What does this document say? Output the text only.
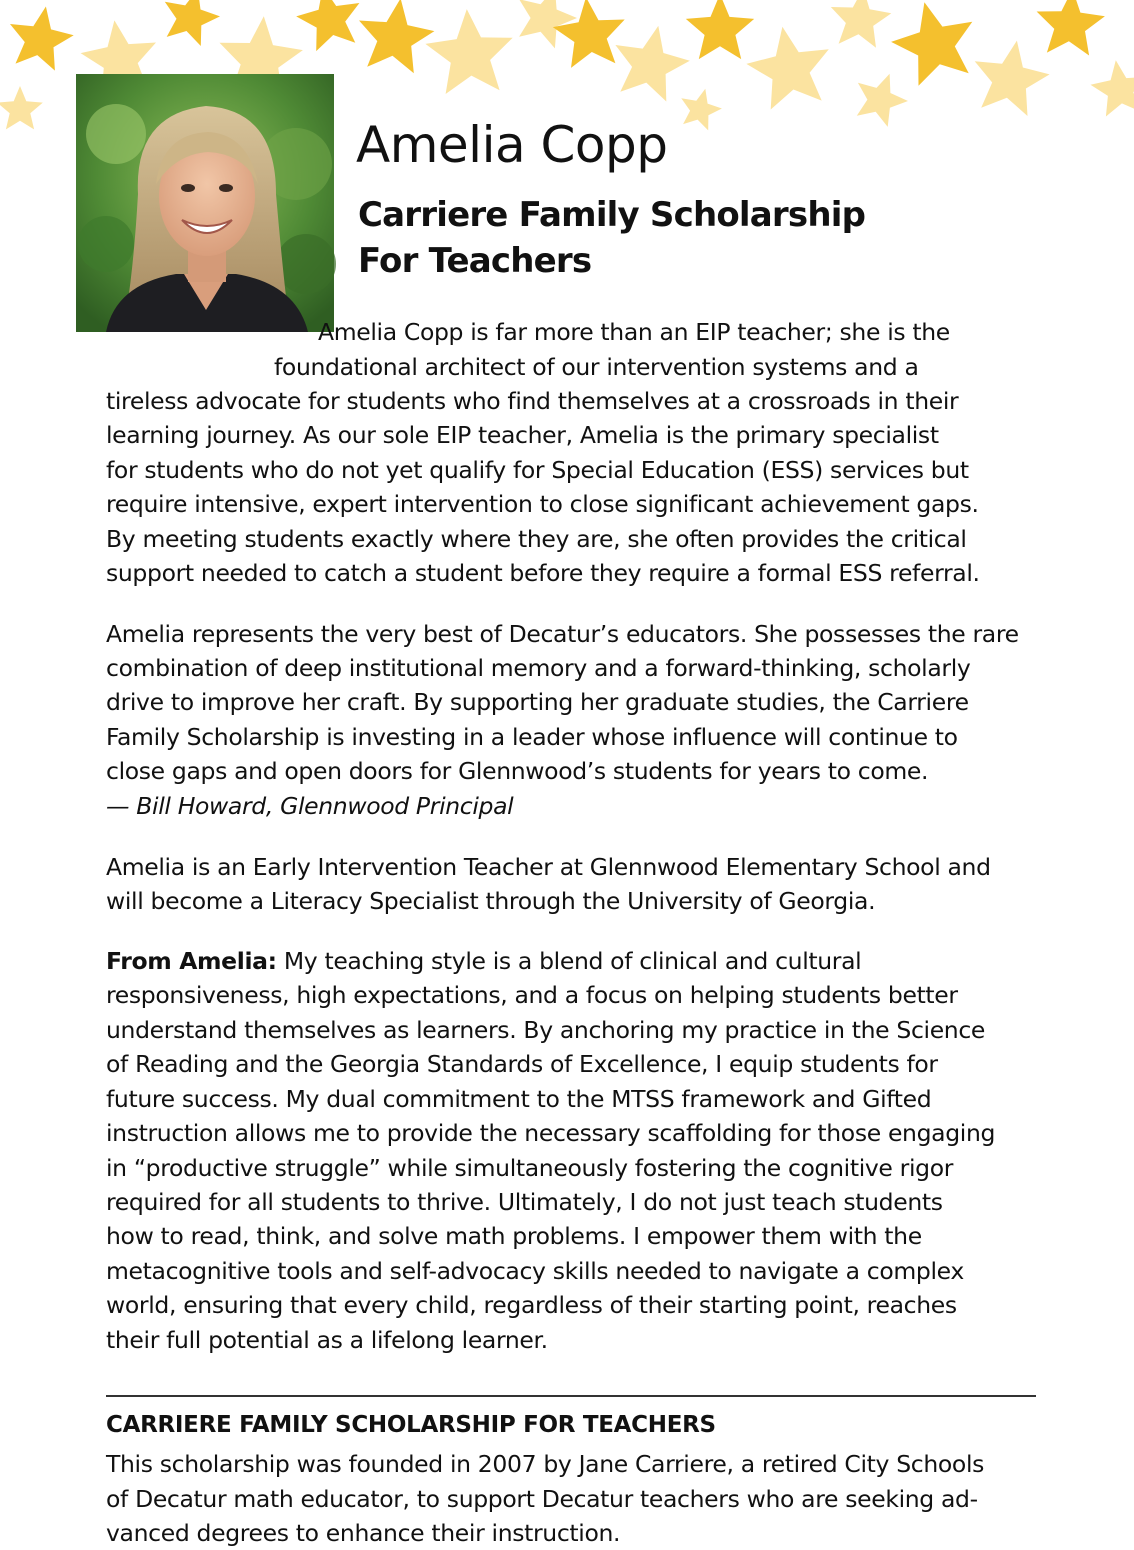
Amelia Copp
Carriere Family Scholarship
For Teachers
Amelia Copp is far more than an EIP teacher; she is the
foundational architect of our intervention systems and a
tireless advocate for students who find themselves at a crossroads in their
learning journey. As our sole EIP teacher, Amelia is the primary specialist
for students who do not yet qualify for Special Education (ESS) services but
require intensive, expert intervention to close significant achievement gaps.
By meeting students exactly where they are, she often provides the critical
support needed to catch a student before they require a formal ESS referral.
Amelia represents the very best of Decatur’s educators. She possesses the rare
combination of deep institutional memory and a forward-thinking, scholarly
drive to improve her craft. By supporting her graduate studies, the Carriere
Family Scholarship is investing in a leader whose influence will continue to
close gaps and open doors for Glennwood’s students for years to come.
— Bill Howard, Glennwood Principal
Amelia is an Early Intervention Teacher at Glennwood Elementary School and
will become a Literacy Specialist through the University of Georgia.
From Amelia: My teaching style is a blend of clinical and cultural
responsiveness, high expectations, and a focus on helping students better
understand themselves as learners. By anchoring my practice in the Science
of Reading and the Georgia Standards of Excellence, I equip students for
future success. My dual commitment to the MTSS framework and Gifted
instruction allows me to provide the necessary scaffolding for those engaging
in “productive struggle” while simultaneously fostering the cognitive rigor
required for all students to thrive. Ultimately, I do not just teach students
how to read, think, and solve math problems. I empower them with the
metacognitive tools and self-advocacy skills needed to navigate a complex
world, ensuring that every child, regardless of their starting point, reaches
their full potential as a lifelong learner.
CARRIERE FAMILY SCHOLARSHIP FOR TEACHERS
This scholarship was founded in 2007 by Jane Carriere, a retired City Schools
of Decatur math educator, to support Decatur teachers who are seeking ad-
vanced degrees to enhance their instruction.
